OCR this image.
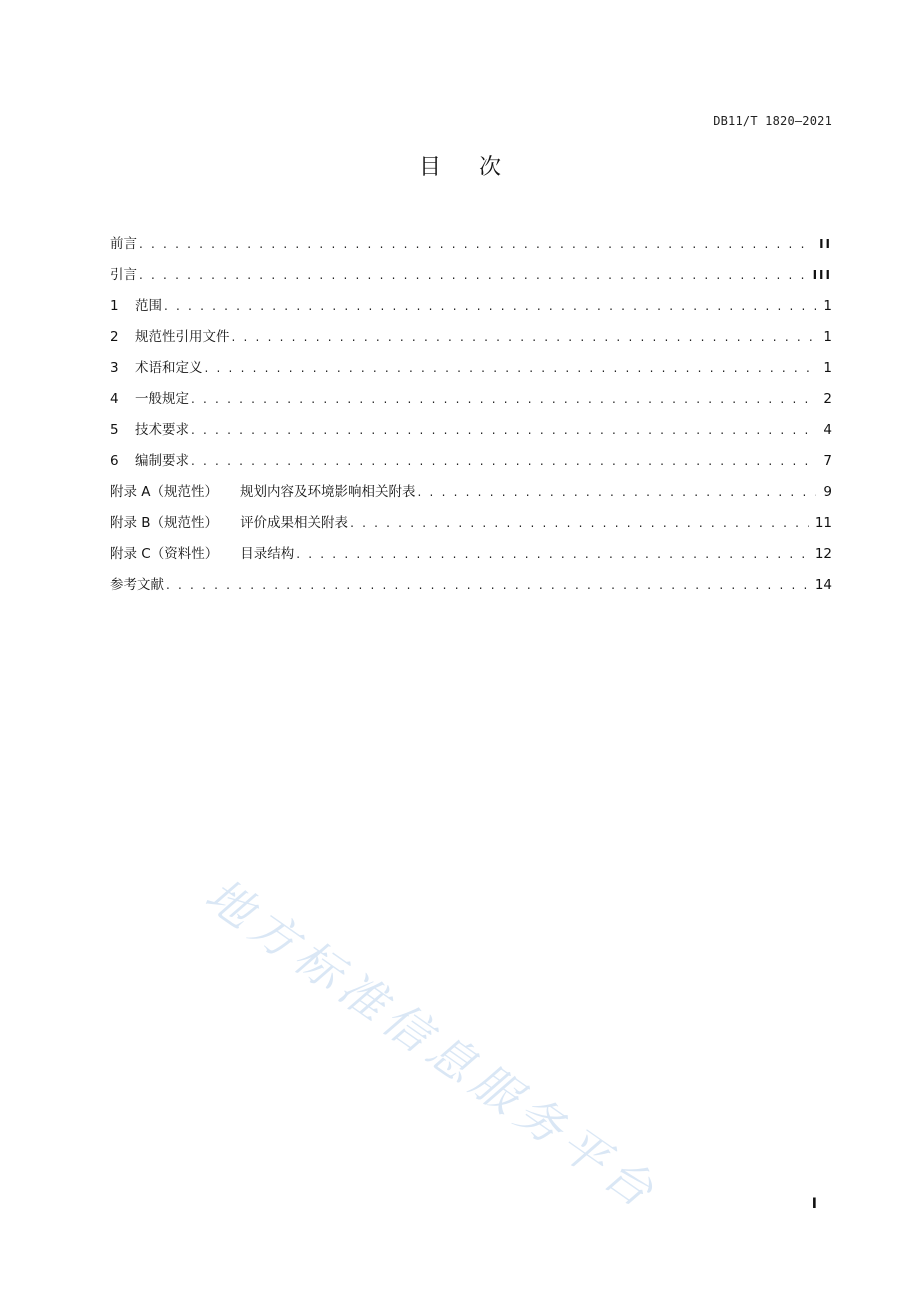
DB11/T 1820—2021
目次
前言 . . .	II
引言 . . .	III
1	范围 . . .	1
2	规范性引用文件 . . .	1
3	术语和定义 . . .	1
4	一般规定 . . .	2
5	技术要求 . . .	4
6	编制要求 . . .	7
附录 A（规范性） 规划内容及环境影响相关附表 . . .	9
附录 B（规范性） 评价成果相关附表 . . .	11
附录 C（资料性） 目录结构 . . .	12
参考文献 . . .	14
地方标准信息服务平台	I
